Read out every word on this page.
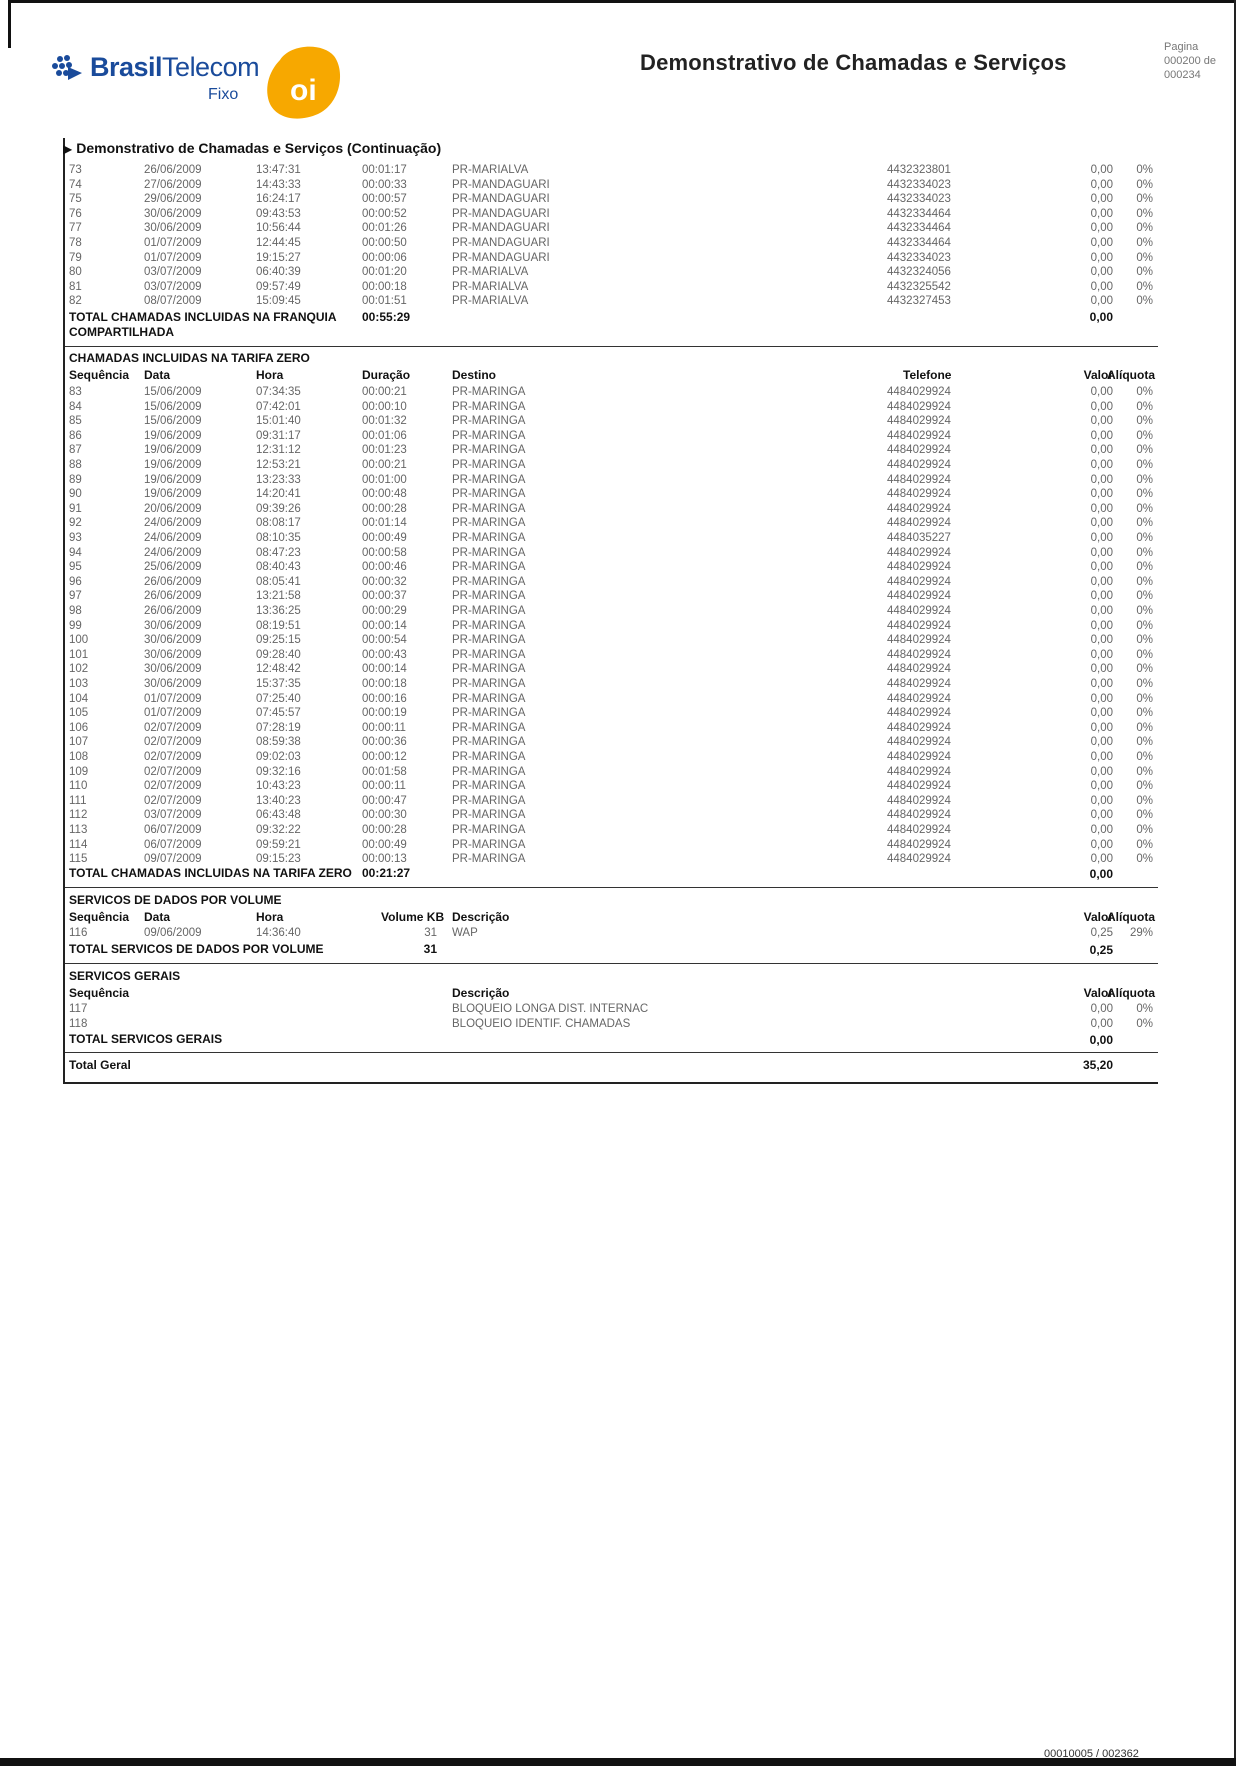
BrasilTelecom
Fixo oi
Demonstrativo de Chamadas e Serviços
Pagina
000200 de
000234
▶ Demonstrativo de Chamadas e Serviços (Continuação)
73	26/06/2009	13:47:31	00:01:17	PR-MARIALVA	4432323801	0,00	0%
74	27/06/2009	14:43:33	00:00:33	PR-MANDAGUARI	4432334023	0,00	0%
75	29/06/2009	16:24:17	00:00:57	PR-MANDAGUARI	4432334023	0,00	0%
76	30/06/2009	09:43:53	00:00:52	PR-MANDAGUARI	4432334464	0,00	0%
77	30/06/2009	10:56:44	00:01:26	PR-MANDAGUARI	4432334464	0,00	0%
78	01/07/2009	12:44:45	00:00:50	PR-MANDAGUARI	4432334464	0,00	0%
79	01/07/2009	19:15:27	00:00:06	PR-MANDAGUARI	4432334023	0,00	0%
80	03/07/2009	06:40:39	00:01:20	PR-MARIALVA	4432324056	0,00	0%
81	03/07/2009	09:57:49	00:00:18	PR-MARIALVA	4432325542	0,00	0%
82	08/07/2009	15:09:45	00:01:51	PR-MARIALVA	4432327453	0,00	0%
TOTAL CHAMADAS INCLUIDAS NA FRANQUIA
COMPARTILHADA
00:55:29	0,00
CHAMADAS INCLUIDAS NA TARIFA ZERO
Sequência Data	Hora	Duração	Destino	Telefone	Valor
Alíquota
83	15/06/2009	07:34:35	00:00:21	PR-MARINGA	4484029924	0,00	0%
84	15/06/2009	07:42:01	00:00:10	PR-MARINGA	4484029924	0,00	0%
85	15/06/2009	15:01:40	00:01:32	PR-MARINGA	4484029924	0,00	0%
86	19/06/2009	09:31:17	00:01:06	PR-MARINGA	4484029924	0,00	0%
87	19/06/2009	12:31:12	00:01:23	PR-MARINGA	4484029924	0,00	0%
88	19/06/2009	12:53:21	00:00:21	PR-MARINGA	4484029924	0,00	0%
89	19/06/2009	13:23:33	00:01:00	PR-MARINGA	4484029924	0,00	0%
90	19/06/2009	14:20:41	00:00:48	PR-MARINGA	4484029924	0,00	0%
91	20/06/2009	09:39:26	00:00:28	PR-MARINGA	4484029924	0,00	0%
92	24/06/2009	08:08:17	00:01:14	PR-MARINGA	4484029924	0,00	0%
93	24/06/2009	08:10:35	00:00:49	PR-MARINGA	4484035227	0,00	0%
94	24/06/2009	08:47:23	00:00:58	PR-MARINGA	4484029924	0,00	0%
95	25/06/2009	08:40:43	00:00:46	PR-MARINGA	4484029924	0,00	0%
96	26/06/2009	08:05:41	00:00:32	PR-MARINGA	4484029924	0,00	0%
97	26/06/2009	13:21:58	00:00:37	PR-MARINGA	4484029924	0,00	0%
98	26/06/2009	13:36:25	00:00:29	PR-MARINGA	4484029924	0,00	0%
99	30/06/2009	08:19:51	00:00:14	PR-MARINGA	4484029924	0,00	0%
100	30/06/2009	09:25:15	00:00:54	PR-MARINGA	4484029924	0,00	0%
101	30/06/2009	09:28:40	00:00:43	PR-MARINGA	4484029924	0,00	0%
102	30/06/2009	12:48:42	00:00:14	PR-MARINGA	4484029924	0,00	0%
103	30/06/2009	15:37:35	00:00:18	PR-MARINGA	4484029924	0,00	0%
104	01/07/2009	07:25:40	00:00:16	PR-MARINGA	4484029924	0,00	0%
105	01/07/2009	07:45:57	00:00:19	PR-MARINGA	4484029924	0,00	0%
106	02/07/2009	07:28:19	00:00:11	PR-MARINGA	4484029924	0,00	0%
107	02/07/2009	08:59:38	00:00:36	PR-MARINGA	4484029924	0,00	0%
108	02/07/2009	09:02:03	00:00:12	PR-MARINGA	4484029924	0,00	0%
109	02/07/2009	09:32:16	00:01:58	PR-MARINGA	4484029924	0,00	0%
110	02/07/2009	10:43:23	00:00:11	PR-MARINGA	4484029924	0,00	0%
111	02/07/2009	13:40:23	00:00:47	PR-MARINGA	4484029924	0,00	0%
112	03/07/2009	06:43:48	00:00:30	PR-MARINGA	4484029924	0,00	0%
113	06/07/2009	09:32:22	00:00:28	PR-MARINGA	4484029924	0,00	0%
114	06/07/2009	09:59:21	00:00:49	PR-MARINGA	4484029924	0,00	0%
115	09/07/2009	09:15:23	00:00:13	PR-MARINGA	4484029924	0,00	0%
TOTAL CHAMADAS INCLUIDAS NA TARIFA ZERO 00:21:27	0,00
SERVICOS DE DADOS POR VOLUME
Sequência Data	Hora	Volume KB Descrição	Valor
Alíquota
116	09/06/2009	14:36:40	31 WAP	0,25	29%
TOTAL SERVICOS DE DADOS POR VOLUME	31	0,25
SERVICOS GERAIS
Sequência	Descrição	Valor
Alíquota
117	BLOQUEIO LONGA DIST. INTERNAC	0,00	0%
118	BLOQUEIO IDENTIF. CHAMADAS	0,00	0%
TOTAL SERVICOS GERAIS	0,00
Total Geral	35,20
00010005 / 002362
